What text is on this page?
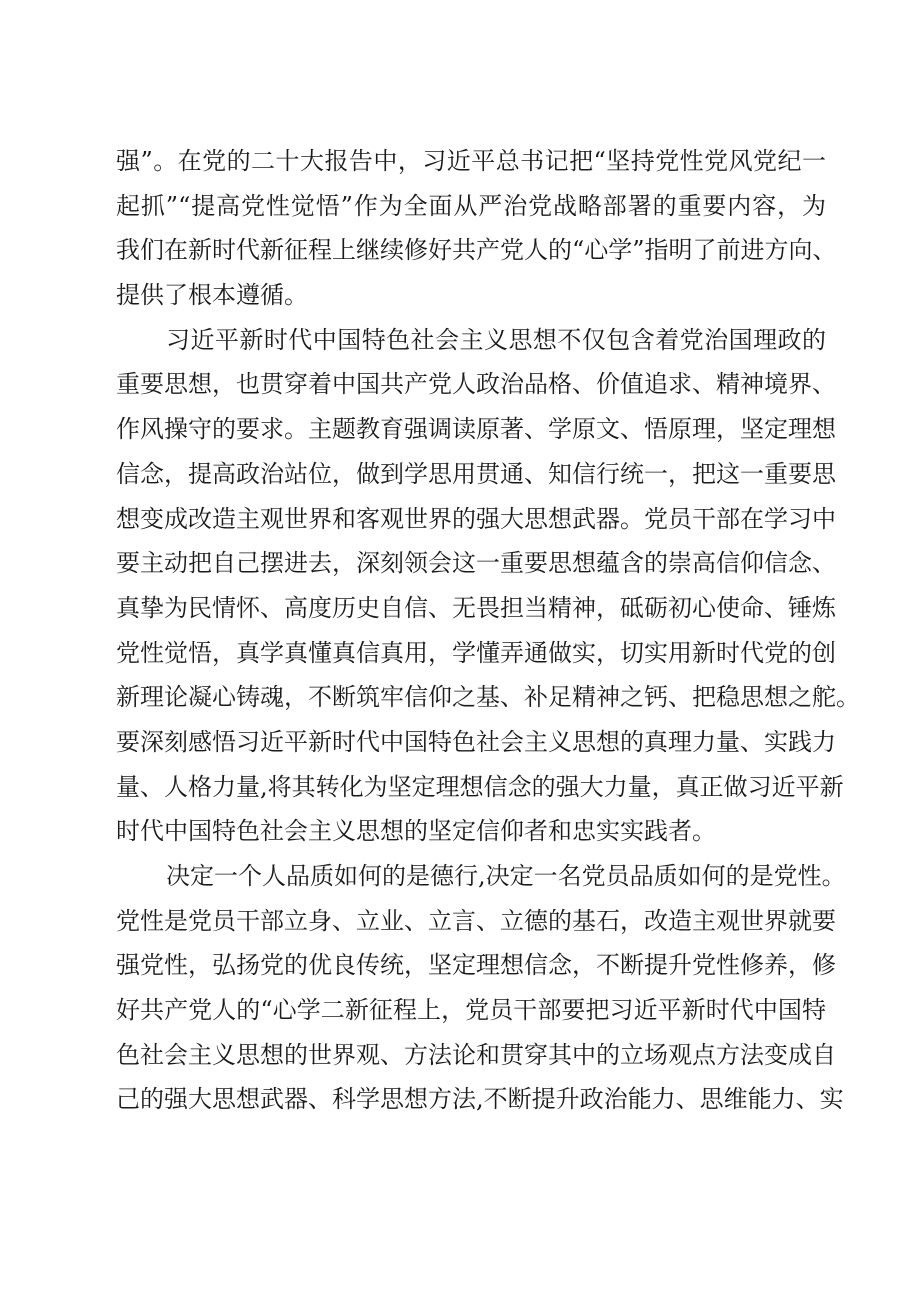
强”。在党的二十大报告中，习近平总书记把“坚持党性党风党纪一
起抓”“提高党性觉悟”作为全面从严治党战略部署的重要内容，为
我们在新时代新征程上继续修好共产党人的“心学”指明了前进方向、
提供了根本遵循。
习近平新时代中国特色社会主义思想不仅包含着党治国理政的
重要思想，也贯穿着中国共产党人政治品格、价值追求、精神境界、
作风操守的要求。主题教育强调读原著、学原文、悟原理，坚定理想
信念，提高政治站位，做到学思用贯通、知信行统一，把这一重要思
想变成改造主观世界和客观世界的强大思想武器。党员干部在学习中
要主动把自己摆进去，深刻领会这一重要思想蕴含的崇高信仰信念、
真挚为民情怀、高度历史自信、无畏担当精神，砥砺初心使命、锤炼
党性觉悟，真学真懂真信真用，学懂弄通做实，切实用新时代党的创
新理论凝心铸魂，不断筑牢信仰之基、补足精神之钙、把稳思想之舵。
要深刻感悟习近平新时代中国特色社会主义思想的真理力量、实践力
量、人格力量,将其转化为坚定理想信念的强大力量，真正做习近平新
时代中国特色社会主义思想的坚定信仰者和忠实实践者。
决定一个人品质如何的是德行,决定一名党员品质如何的是党性。
党性是党员干部立身、立业、立言、立德的基石，改造主观世界就要
强党性，弘扬党的优良传统，坚定理想信念，不断提升党性修养，修
好共产党人的“心学二新征程上，党员干部要把习近平新时代中国特
色社会主义思想的世界观、方法论和贯穿其中的立场观点方法变成自
己的强大思想武器、科学思想方法,不断提升政治能力、思维能力、实
